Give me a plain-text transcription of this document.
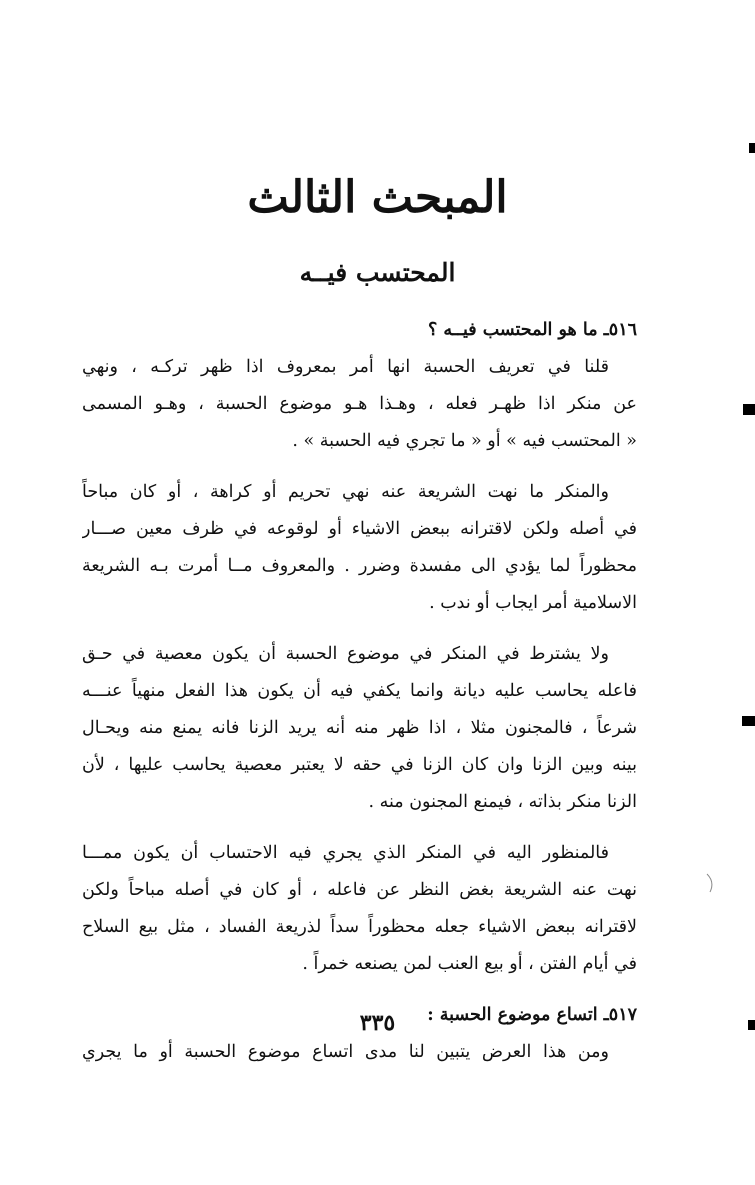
المبحث الثالث
المحتسب فيــه
٥١٦ـ ما هو المحتسب فيــه ؟
قلنا في تعريف الحسبة انها أمر بمعروف اذا ظهر تركـه ، ونهي
عن منكر اذا ظهـر فعله ، وهـذا هـو موضوع الحسبة ، وهـو المسمى
« المحتسب فيه » أو « ما تجري فيه الحسبة » .
والمنكر ما نهت الشريعة عنه نهي تحريم أو كراهة ، أو كان مباحاً
في أصله ولكن لاقترانه ببعض الاشياء أو لوقوعه في ظرف معين صـــار
محظوراً لما يؤدي الى مفسدة وضرر . والمعروف مــا أمرت بـه الشريعة
الاسلامية أمر ايجاب أو ندب .
ولا يشترط في المنكر في موضوع الحسبة أن يكون معصية في حـق
فاعله يحاسب عليه ديانة وانما يكفي فيه أن يكون هذا الفعل منهياً عنـــه
شرعاً ، فالمجنون مثلا ، اذا ظهر منه أنه يريد الزنا فانه يمنع منه ويحـال
بينه وبين الزنا وان كان الزنا في حقه لا يعتبر معصية يحاسب عليها ، لأن
الزنا منكر بذاته ، فيمنع المجنون منه .
فالمنظور اليه في المنكر الذي يجري فيه الاحتساب أن يكون ممـــا
نهت عنه الشريعة بغض النظر عن فاعله ، أو كان في أصله مباحاً ولكن
لاقترانه ببعض الاشياء جعله محظوراً سداً لذريعة الفساد ، مثل بيع السلاح
في أيام الفتن ، أو بيع العنب لمن يصنعه خمراً .
٥١٧ـ اتساع موضوع الحسبة :
ومن هذا العرض يتبين لنا مدى اتساع موضوع الحسبة أو ما يجري
٣٣٥
